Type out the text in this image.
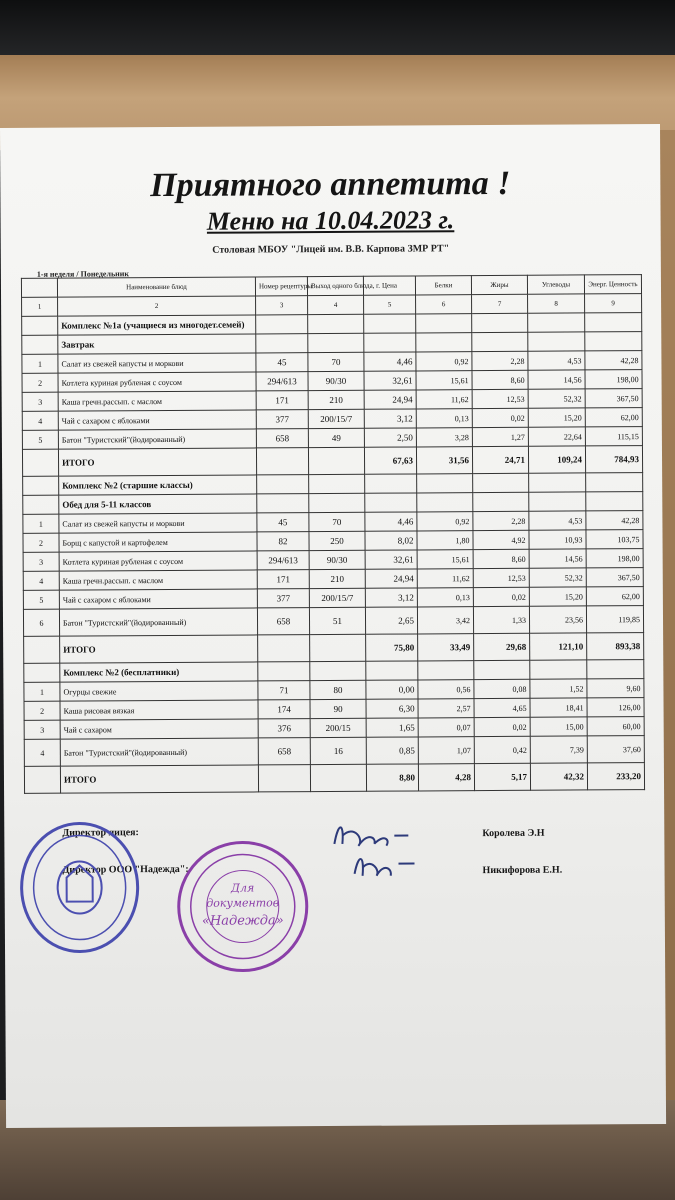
Приятного аппетита !
Меню на 10.04.2023 г.
Столовая МБОУ "Лицей им. В.В. Карпова ЗМР РТ"
1-я неделя / Понедельник
	Наименование блюд	Номер рецептуры	Выход одного блюда, г.	Цена	Белки	Жиры	Углеводы	Энерг. Ценность
1	2	3	4	5	6	7	8	9
	Комплекс №1а (учащиеся из многодет.семей)							
	Завтрак							
1	Салат из свежей капусты и моркови	45	70	4,46	0,92	2,28	4,53	42,28
2	Котлета куриная рубленая с соусом	294/613	90/30	32,61	15,61	8,60	14,56	198,00
3	Каша гречн.рассып. с маслом	171	210	24,94	11,62	12,53	52,32	367,50
4	Чай с сахаром с яблоками	377	200/15/7	3,12	0,13	0,02	15,20	62,00
5	Батон "Туристский"(йодированный)	658	49	2,50	3,28	1,27	22,64	115,15
	ИТОГО			67,63	31,56	24,71	109,24	784,93
	Комплекс №2 (старшие классы)							
	Обед для 5-11 классов							
1	Салат из свежей капусты и моркови	45	70	4,46	0,92	2,28	4,53	42,28
2	Борщ с капустой и картофелем	82	250	8,02	1,80	4,92	10,93	103,75
3	Котлета куриная рубленая с соусом	294/613	90/30	32,61	15,61	8,60	14,56	198,00
4	Каша гречн.рассып. с маслом	171	210	24,94	11,62	12,53	52,32	367,50
5	Чай с сахаром с яблоками	377	200/15/7	3,12	0,13	0,02	15,20	62,00
6	Батон "Туристский"(йодированный)	658	51	2,65	3,42	1,33	23,56	119,85
	ИТОГО			75,80	33,49	29,68	121,10	893,38
	Комплекс №2 (бесплатники)							
1	Огурцы свежие	71	80	0,00	0,56	0,08	1,52	9,60
2	Каша рисовая вязкая	174	90	6,30	2,57	4,65	18,41	126,00
3	Чай с сахаром	376	200/15	1,65	0,07	0,02	15,00	60,00
4	Батон "Туристский"(йодированный)	658	16	0,85	1,07	0,42	7,39	37,60
	ИТОГО			8,80	4,28	5,17	42,32	233,20
Директор лицея:
Директор ООО "Надежда":
Королева Э.Н
Никифорова Е.Н.
Для
документов
«Надежда»
